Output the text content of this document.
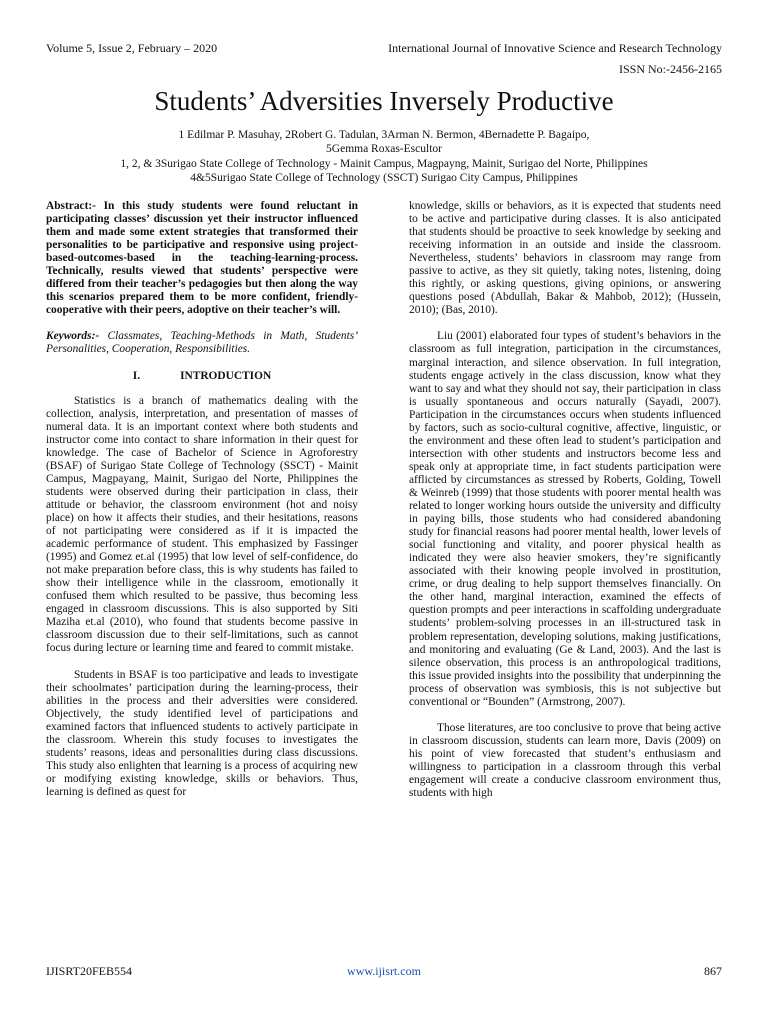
Volume 5, Issue 2, February – 2020	International Journal of Innovative Science and Research Technology
ISSN No:-2456-2165
Students’ Adversities Inversely Productive
1 Edilmar P. Masuhay, 2Robert G. Tadulan, 3Arman N. Bermon, 4Bernadette P. Bagaipo,
5Gemma Roxas-Escultor
1, 2, & 3Surigao State College of Technology - Mainit Campus, Magpayng, Mainit, Surigao del Norte, Philippines
4&5Surigao State College of Technology (SSCT) Surigao City Campus, Philippines

Abstract:- In this study students were found reluctant in participating classes’ discussion yet their instructor influenced them and made some extent strategies that transformed their personalities to be participative and responsive using project-based-outcomes-based in the teaching-learning-process. Technically, results viewed that students’ perspective were differed from their teacher’s pedagogies but then along the way this scenarios prepared them to be more confident, friendly-cooperative with their peers, adoptive on their teacher’s will.

Keywords:- Classmates, Teaching-Methods in Math, Students’ Personalities, Cooperation, Responsibilities.

I.	INTRODUCTION

Statistics is a branch of mathematics dealing with the collection, analysis, interpretation, and presentation of masses of numeral data. It is an important context where both students and instructor come into contact to share information in their quest for knowledge. The case of Bachelor of Science in Agroforestry (BSAF) of Surigao State College of Technology (SSCT) - Mainit Campus, Magpayang, Mainit, Surigao del Norte, Philippines the students were observed during their participation in class, their attitude or behavior, the classroom environment (hot and noisy place) on how it affects their studies, and their hesitations, reasons of not participating were considered as if it is impacted the academic performance of student. This emphasized by Fassinger (1995) and Gomez et.al (1995) that low level of self-confidence, do not make preparation before class, this is why students has failed to show their intelligence while in the classroom, emotionally it confused them which resulted to be passive, thus becoming less engaged in classroom discussions. This is also supported by Siti Maziha et.al (2010), who found that students become passive in classroom discussion due to their self-limitations, such as cannot focus during lecture or learning time and feared to commit mistake.

Students in BSAF is too participative and leads to investigate their schoolmates’ participation during the learning-process, their abilities in the process and their adversities were considered. Objectively, the study identified level of participations and examined factors that influenced students to actively participate in the classroom. Wherein this study focuses to investigates the students’ reasons, ideas and personalities during class discussions. This study also enlighten that learning is a process of acquiring new or modifying existing knowledge, skills or behaviors. Thus, learning is defined as quest for

knowledge, skills or behaviors, as it is expected that students need to be active and participative during classes. It is also anticipated that students should be proactive to seek knowledge by seeking and receiving information in an outside and inside the classroom. Nevertheless, students’ behaviors in classroom may range from passive to active, as they sit quietly, taking notes, listening, doing this rightly, or asking questions, giving opinions, or answering questions posed (Abdullah, Bakar & Mahbob, 2012); (Hussein, 2010); (Bas, 2010).

Liu (2001) elaborated four types of student’s behaviors in the classroom as full integration, participation in the circumstances, marginal interaction, and silence observation. In full integration, students engage actively in the class discussion, know what they want to say and what they should not say, their participation in class is usually spontaneous and occurs naturally (Sayadi, 2007). Participation in the circumstances occurs when students influenced by factors, such as socio-cultural cognitive, affective, linguistic, or the environment and these often lead to student’s participation and intersection with other students and instructors become less and speak only at appropriate time, in fact students participation were afflicted by circumstances as stressed by Roberts, Golding, Towell & Weinreb (1999) that those students with poorer mental health was related to longer working hours outside the university and difficulty in paying bills, those students who had considered abandoning study for financial reasons had poorer mental health, lower levels of social functioning and vitality, and poorer physical health as indicated they were also heavier smokers, they’re significantly associated with their knowing people involved in prostitution, crime, or drug dealing to help support themselves financially. On the other hand, marginal interaction, examined the effects of question prompts and peer interactions in scaffolding undergraduate students’ problem-solving processes in an ill-structured task in problem representation, developing solutions, making justifications, and monitoring and evaluating (Ge & Land, 2003). And the last is silence observation, this process is an anthropological traditions, this issue provided insights into the possibility that underpinning the process of observation was symbiosis, this is not subjective but conventional or “Bounden” (Armstrong, 2007).

Those literatures, are too conclusive to prove that being active in classroom discussion, students can learn more, Davis (2009) on his point of view forecasted that student’s enthusiasm and willingness to participation in a classroom through this verbal engagement will create a conducive classroom environment thus, students with high

IJISRT20FEB554	www.ijisrt.com	867
